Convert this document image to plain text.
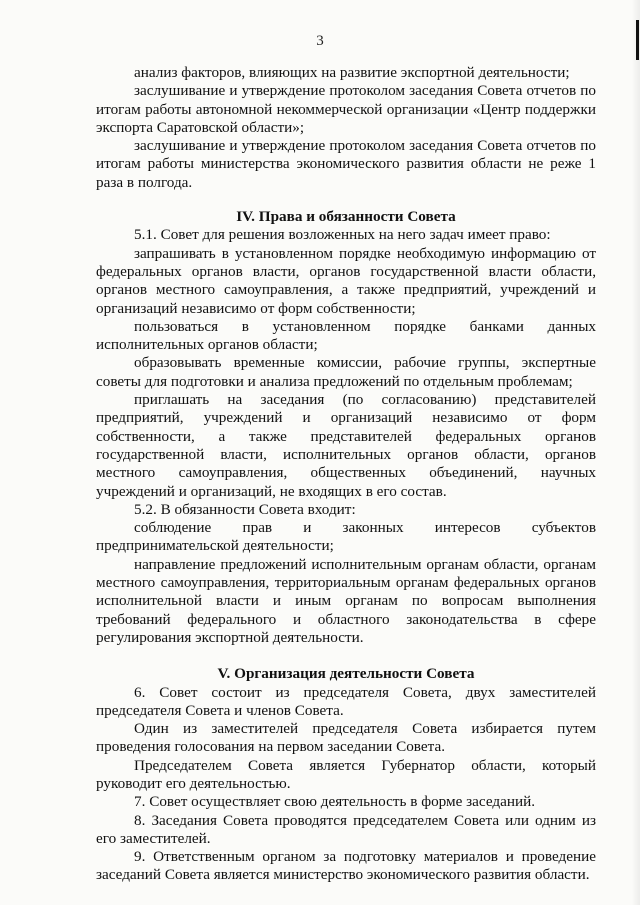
3

анализ факторов, влияющих на развитие экспортной деятельности;

заслушивание и утверждение протоколом заседания Совета отчетов по итогам работы автономной некоммерческой организации «Центр поддержки экспорта Саратовской области»;

заслушивание и утверждение протоколом заседания Совета отчетов по итогам работы министерства экономического развития области не реже 1 раза в полгода.

IV. Права и обязанности Совета

5.1. Совет для решения возложенных на него задач имеет право:

запрашивать в установленном порядке необходимую информацию от федеральных органов власти, органов государственной власти области, органов местного самоуправления, а также предприятий, учреждений и организаций независимо от форм собственности;

пользоваться в установленном порядке банками данных исполнительных органов области;

образовывать временные комиссии, рабочие группы, экспертные советы для подготовки и анализа предложений по отдельным проблемам;

приглашать на заседания (по согласованию) представителей предприятий, учреждений и организаций независимо от форм собственности, а также представителей федеральных органов государственной власти, исполнительных органов области, органов местного самоуправления, общественных объединений, научных учреждений и организаций, не входящих в его состав.

5.2. В обязанности Совета входит:

соблюдение прав и законных интересов субъектов предпринимательской деятельности;

направление предложений исполнительным органам области, органам местного самоуправления, территориальным органам федеральных органов исполнительной власти и иным органам по вопросам выполнения требований федерального и областного законодательства в сфере регулирования экспортной деятельности.

V. Организация деятельности Совета

6. Совет состоит из председателя Совета, двух заместителей председателя Совета и членов Совета.

Один из заместителей председателя Совета избирается путем проведения голосования на первом заседании Совета.

Председателем Совета является Губернатор области, который руководит его деятельностью.

7. Совет осуществляет свою деятельность в форме заседаний.

8. Заседания Совета проводятся председателем Совета или одним из его заместителей.

9. Ответственным органом за подготовку материалов и проведение заседаний Совета является министерство экономического развития области.
